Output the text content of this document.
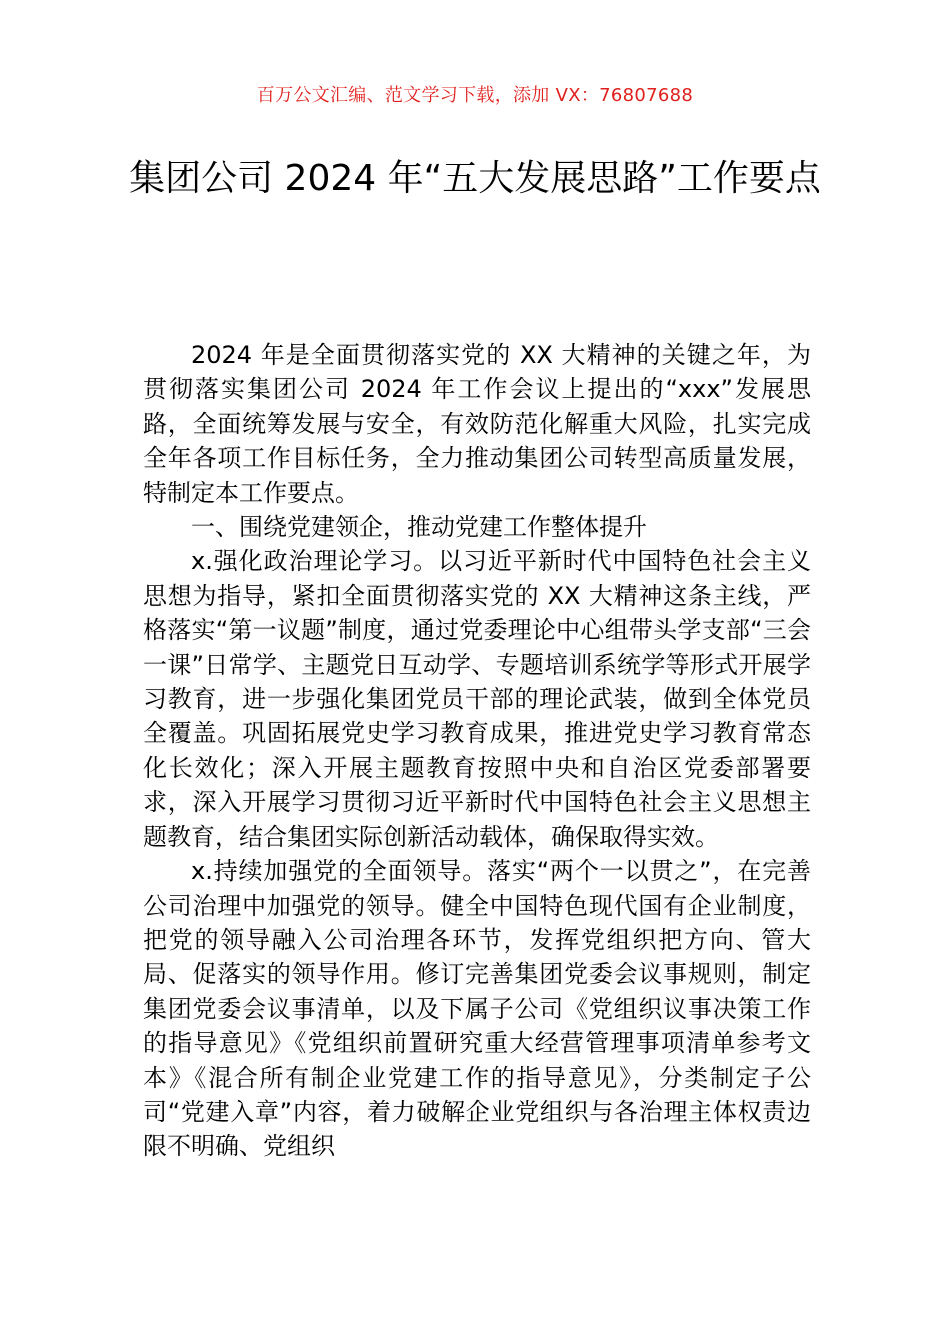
百万公文汇编、范文学习下载，添加 VX：76807688
集团公司 2024 年“五大发展思路”工作要点

2024 年是全面贯彻落实党的 XX 大精神的关键之年，为贯彻落实集团公司 2024 年工作会议上提出的“xxx”发展思路，全面统筹发展与安全，有效防范化解重大风险，扎实完成全年各项工作目标任务，全力推动集团公司转型高质量发展，特制定本工作要点。

一、围绕党建领企，推动党建工作整体提升

x.强化政治理论学习。以习近平新时代中国特色社会主义思想为指导，紧扣全面贯彻落实党的 XX 大精神这条主线，严格落实“第一议题”制度，通过党委理论中心组带头学支部“三会一课”日常学、主题党日互动学、专题培训系统学等形式开展学习教育，进一步强化集团党员干部的理论武装，做到全体党员全覆盖。巩固拓展党史学习教育成果，推进党史学习教育常态化长效化；深入开展主题教育按照中央和自治区党委部署要求，深入开展学习贯彻习近平新时代中国特色社会主义思想主题教育，结合集团实际创新活动载体，确保取得实效。

x.持续加强党的全面领导。落实“两个一以贯之”，在完善公司治理中加强党的领导。健全中国特色现代国有企业制度，把党的领导融入公司治理各环节，发挥党组织把方向、管大局、促落实的领导作用。修订完善集团党委会议事规则，制定集团党委会议事清单，以及下属子公司《党组织议事决策工作的指导意见》《党组织前置研究重大经营管理事项清单参考文本》《混合所有制企业党建工作的指导意见》，分类制定子公司“党建入章”内容，着力破解企业党组织与各治理主体权责边限不明确、党组织
